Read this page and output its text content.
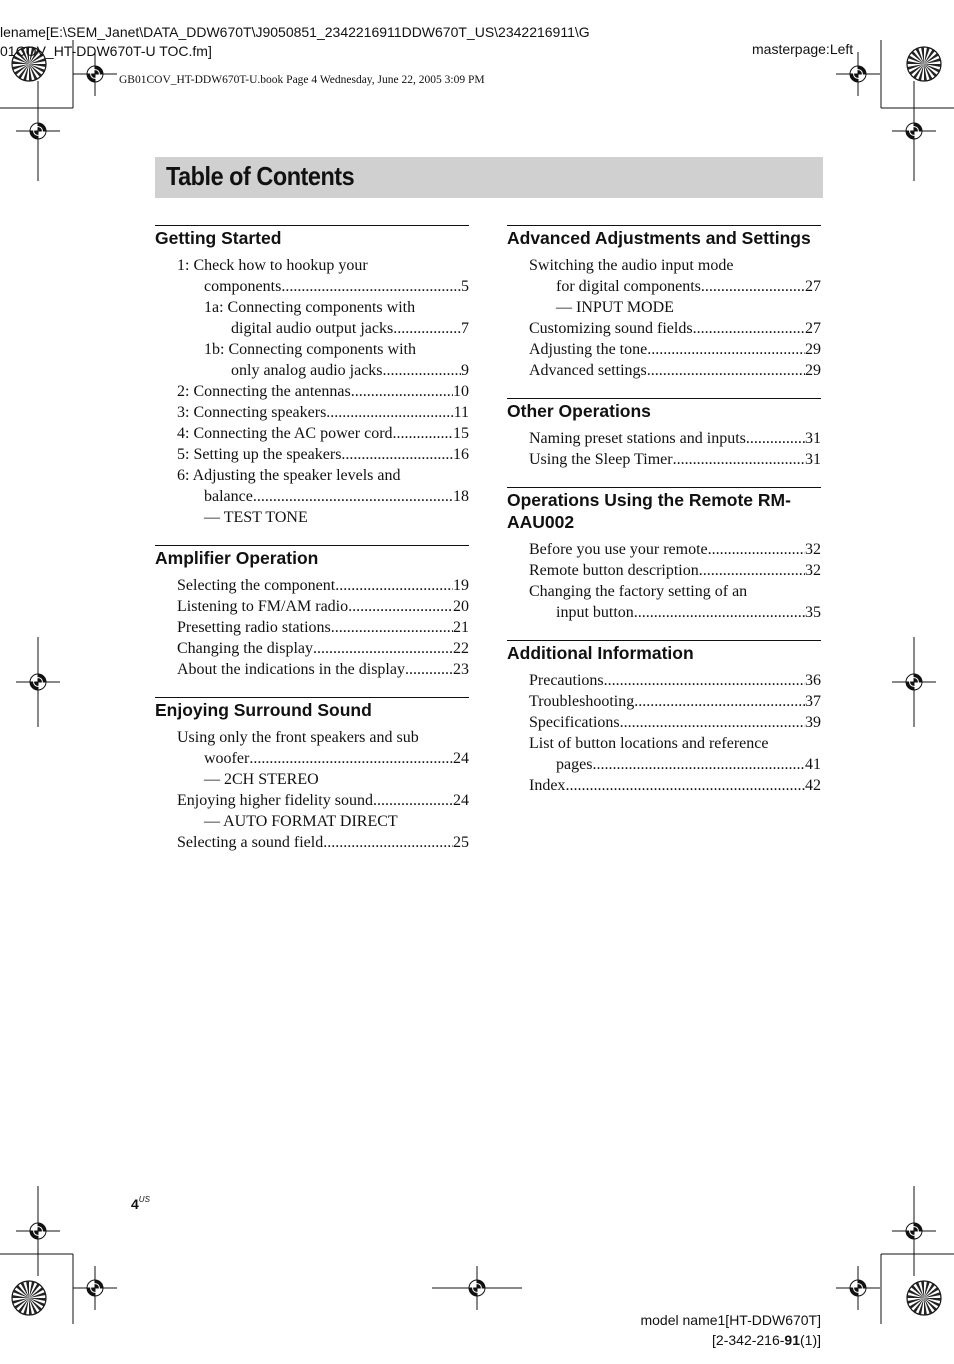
lename[E:\SEM_Janet\DATA_DDW670T\J9050851_2342216911DDW670T_US\2342216911\G
01COV_HT-DDW670T-U TOC.fm]	masterpage:Left
GB01COV_HT-DDW670T-U.book Page 4 Wednesday, June 22, 2005 3:09 PM
Table of Contents
Getting Started
1: Check how to hookup your
components .....	5
1a: Connecting components with
digital audio output jacks .....	7
1b: Connecting components with
only analog audio jacks .....	9
2: Connecting the antennas .....	10
3: Connecting speakers .....	11
4: Connecting the AC power cord .....	15
5: Setting up the speakers .....	16
6: Adjusting the speaker levels and
balance .....	18
— TEST TONE
Amplifier Operation
Selecting the component .....	19
Listening to FM/AM radio .....	20
Presetting radio stations .....	21
Changing the display .....	22
About the indications in the display .....	23
Enjoying Surround Sound
Using only the front speakers and sub
woofer .....	24
— 2CH STEREO
Enjoying higher fidelity sound .....	24
— AUTO FORMAT DIRECT
Selecting a sound field .....	25
Advanced Adjustments and Settings
Switching the audio input mode
for digital components .....	27
— INPUT MODE
Customizing sound fields .....	27
Adjusting the tone .....	29
Advanced settings .....	29
Other Operations
Naming preset stations and inputs .....	31
Using the Sleep Timer .....	31
Operations Using the Remote RM-AAU002
Before you use your remote .....	32
Remote button description .....	32
Changing the factory setting of an
input button .....	35
Additional Information
Precautions .....	36
Troubleshooting .....	37
Specifications .....	39
List of button locations and reference
pages .....	41
Index .....	42
$4^{US}$
model name1[HT-DDW670T]
[2-342-216-91(1)]
